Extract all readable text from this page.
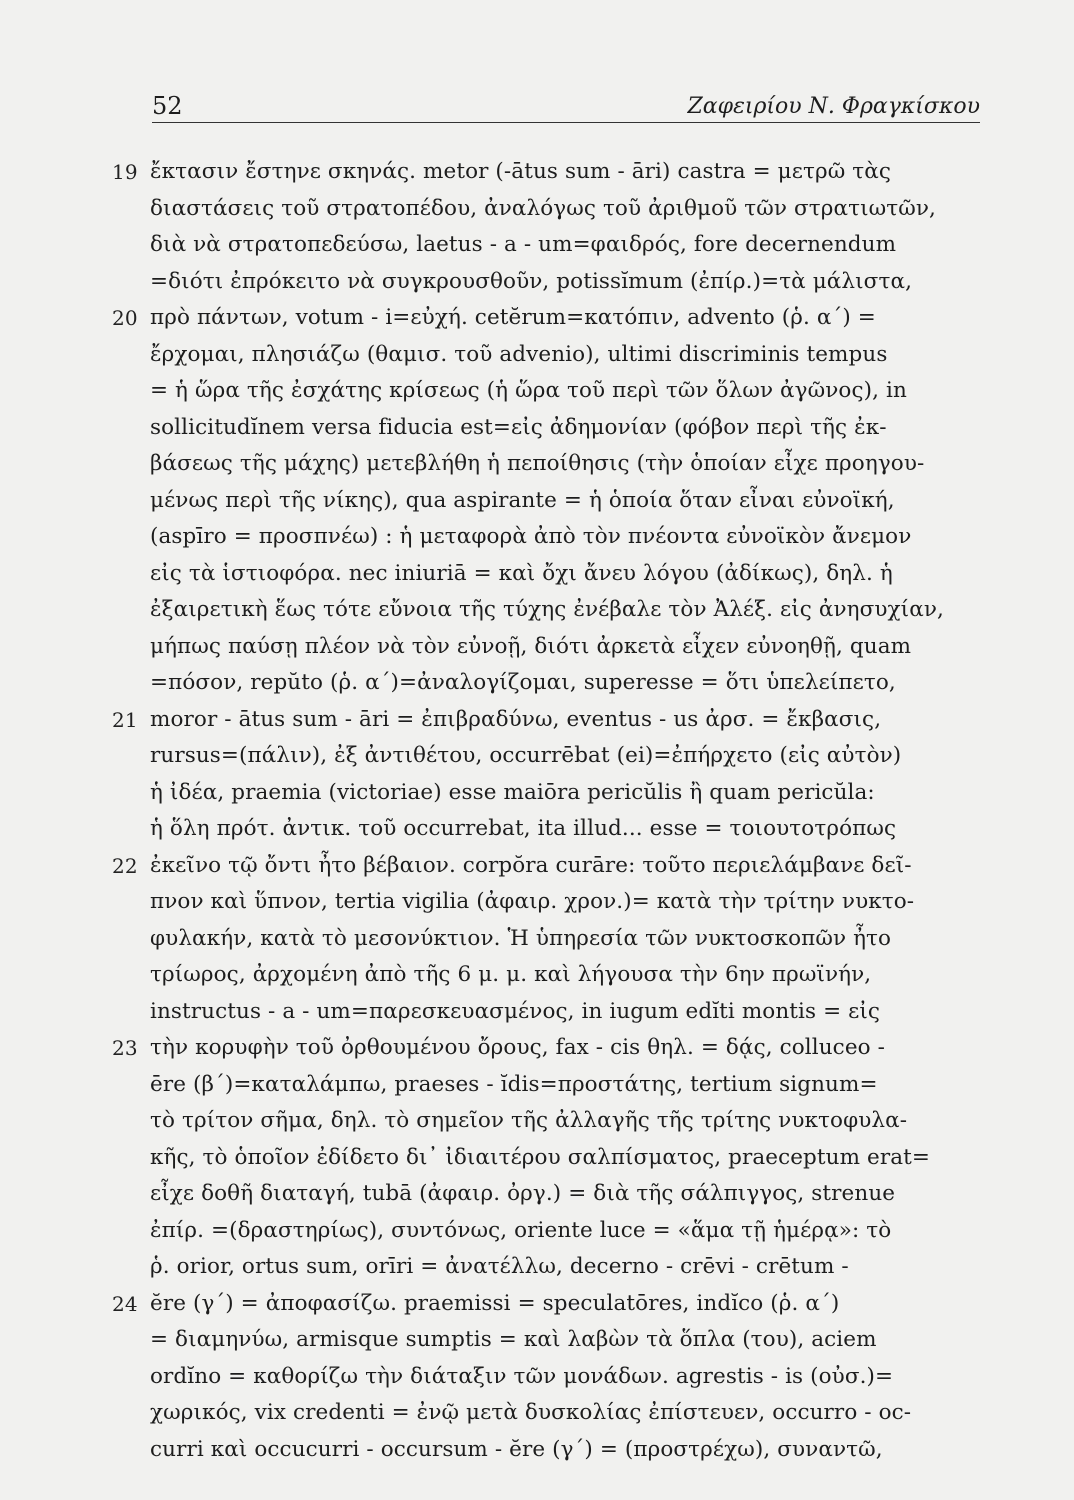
52	Ζαφειρίου Ν. Φραγκίσκου
19 ἔκτασιν ἔστηνε σκηνάς. metor (-ātus sum - āri) castra = μετρῶ τὰς
διαστάσεις τοῦ στρατοπέδου, ἀναλόγως τοῦ ἀριθμοῦ τῶν στρατιωτῶν,
διὰ νὰ στρατοπεδεύσω, laetus - a - um=φαιδρός, fore decernendum
=διότι ἐπρόκειτο νὰ συγκρουσθοῦν, potissĭmum (ἐπίρ.)=τὰ μάλιστα,
20 πρὸ πάντων, votum - i=εὐχή. cetĕrum=κατόπιν, advento (ῥ. α΄) =
ἔρχομαι, πλησιάζω (θαμισ. τοῦ advenio), ultimi discriminis tempus
= ἡ ὥρα τῆς ἐσχάτης κρίσεως (ἡ ὥρα τοῦ περὶ τῶν ὅλων ἀγῶνος), in
sollicitudĭnem versa fiducia est=εἰς ἀδημονίαν (φόβον περὶ τῆς ἐκ-
βάσεως τῆς μάχης) μετεβλήθη ἡ πεποίθησις (τὴν ὁποίαν εἶχε προηγου-
μένως περὶ τῆς νίκης), qua aspirante = ἡ ὁποία ὅταν εἶναι εὐνοϊκή,
(aspīro = προσπνέω) : ἡ μεταφορὰ ἀπὸ τὸν πνέοντα εὐνοϊκὸν ἄνεμον
εἰς τὰ ἱστιοφόρα. nec iniuriā = καὶ ὄχι ἄνευ λόγου (ἀδίκως), δηλ. ἡ
ἐξαιρετικὴ ἕως τότε εὔνοια τῆς τύχης ἐνέβαλε τὸν Ἀλέξ. εἰς ἀνησυχίαν,
μήπως παύσῃ πλέον νὰ τὸν εὐνοῇ, διότι ἀρκετὰ εἶχεν εὐνοηθῇ, quam
=πόσον, repŭto (ῥ. α΄)=ἀναλογίζομαι, superesse = ὅτι ὑπελείπετο,
21 moror - ātus sum - āri = ἐπιβραδύνω, eventus - us ἀρσ. = ἔκβασις,
rursus=(πάλιν), ἐξ ἀντιθέτου, occurrēbat (ei)=ἐπήρχετο (εἰς αὐτὸν)
ἡ ἰδέα, praemia (victoriae) esse maiōra pericŭlis ἢ quam pericŭla:
ἡ ὅλη πρότ. ἀντικ. τοῦ occurrebat, ita illud... esse = τοιουτοτρόπως
22 ἐκεῖνο τῷ ὄντι ἦτο βέβαιον. corpŏra curāre: τοῦτο περιελάμβανε δεῖ-
πνον καὶ ὕπνον, tertia vigilia (ἀφαιρ. χρον.)= κατὰ τὴν τρίτην νυκτο-
φυλακήν, κατὰ τὸ μεσονύκτιον. Ἡ ὑπηρεσία τῶν νυκτοσκοπῶν ἦτο
τρίωρος, ἀρχομένη ἀπὸ τῆς 6 μ. μ. καὶ λήγουσα τὴν 6ην πρωϊνήν,
instructus - a - um=παρεσκευασμένος, in iugum edĭti montis = εἰς
23 τὴν κορυφὴν τοῦ ὀρθουμένου ὄρους, fax - cis θηλ. = δᾴς, colluceo -
ēre (β΄)=καταλάμπω, praeses - ĭdis=προστάτης, tertium signum=
τὸ τρίτον σῆμα, δηλ. τὸ σημεῖον τῆς ἀλλαγῆς τῆς τρίτης νυκτοφυλα-
κῆς, τὸ ὁποῖον ἐδίδετο δι᾿ ἰδιαιτέρου σαλπίσματος, praeceptum erat=
εἶχε δοθῆ διαταγή, tubā (ἀφαιρ. ὀργ.) = διὰ τῆς σάλπιγγος, strenue
ἐπίρ. =(δραστηρίως), συντόνως, oriente luce = «ἅμα τῇ ἡμέρᾳ»: τὸ
ῥ. orior, ortus sum, orīri = ἀνατέλλω, decerno - crēvi - crētum -
24 ĕre (γ΄) = ἀποφασίζω. praemissi = speculatōres, indĭco (ῥ. α΄)
= διαμηνύω, armisque sumptis = καὶ λαβὼν τὰ ὅπλα (του), aciem
ordĭno = καθορίζω τὴν διάταξιν τῶν μονάδων. agrestis - is (οὐσ.)=
χωρικός, vix credenti = ἐνῷ μετὰ δυσκολίας ἐπίστευεν, occurro - oc-
curri καὶ occucurri - occursum - ĕre (γ΄) = (προστρέχω), συναντῶ,
